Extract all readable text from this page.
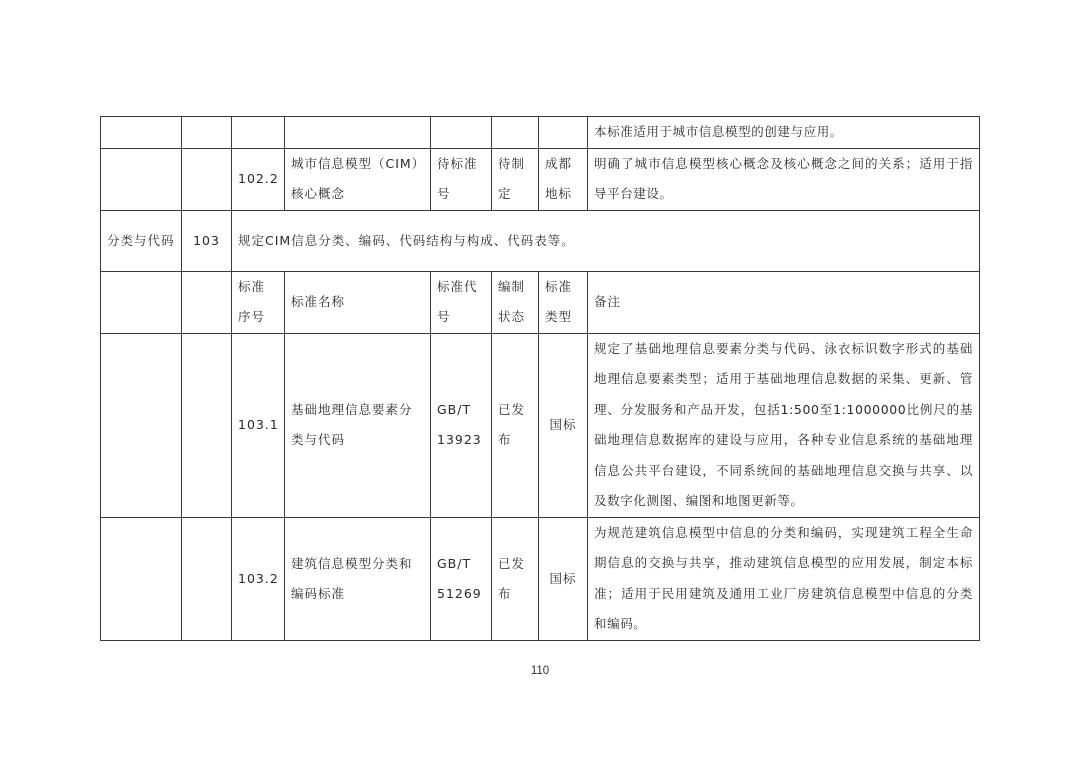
							本标准适用于城市信息模型的创建与应用。
		102.2	城市信息模型（CIM）核心概念	待标准号	待制定	成都地标	明确了城市信息模型核心概念及核心概念之间的关系；适用于指导平台建设。
分类与代码	103	规定CIM信息分类、编码、代码结构与构成、代码表等。					
		标准序号	标准名称	标准代号	编制状态	标准类型	备注
		103.1	基础地理信息要素分类与代码	GB/T 13923	已发布	国标	规定了基础地理信息要素分类与代码、泳衣标识数字形式的基础地理信息要素类型；适用于基础地理信息数据的采集、更新、管理、分发服务和产品开发，包括1:500至1:1000000比例尺的基础地理信息数据库的建设与应用，各种专业信息系统的基础地理信息公共平台建设，不同系统间的基础地理信息交换与共享、以及数字化测图、编图和地图更新等。
		103.2	建筑信息模型分类和编码标准	GB/T 51269	已发布	国标	为规范建筑信息模型中信息的分类和编码，实现建筑工程全生命期信息的交换与共享，推动建筑信息模型的应用发展，制定本标准；适用于民用建筑及通用工业厂房建筑信息模型中信息的分类和编码。
110
